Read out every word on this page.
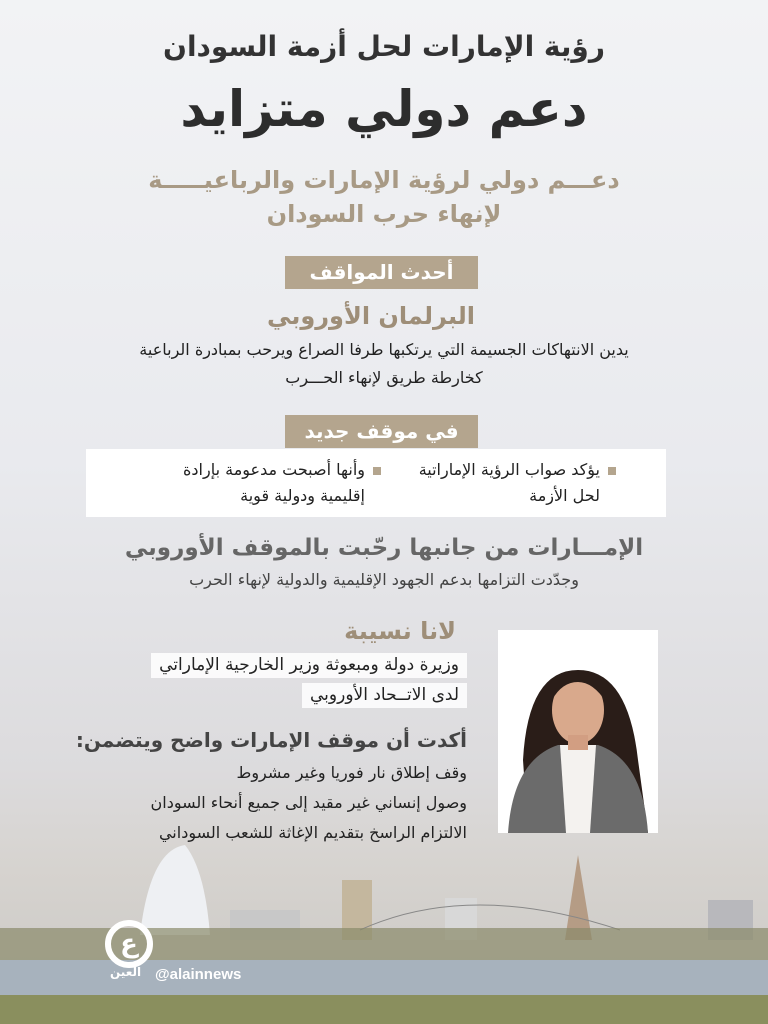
رؤية الإمارات لحل أزمة السودان
دعم دولي متزايد
دعـــم دولي لرؤية الإمارات والرباعيـــــة
لإنهاء حرب السودان
أحدث المواقف
البرلمان الأوروبي
يدين الانتهاكات الجسيمة التي يرتكبها طرفا الصراع ويرحب بمبادرة الرباعية
كخارطة طريق لإنهاء الحـــرب
في موقف جديد
يؤكد صواب الرؤية الإماراتية
لحل الأزمة
وأنها أصبحت مدعومة بإرادة
إقليمية ودولية قوية
الإمـــارات من جانبها رحّبت بالموقف الأوروبي
وجدّدت التزامها بدعم الجهود الإقليمية والدولية لإنهاء الحرب
لانا نسيبة
وزيرة دولة ومبعوثة وزير الخارجية الإماراتي
لدى الاتــحاد الأوروبي
أكدت أن موقف الإمارات واضح ويتضمن:
وقف إطلاق نار فوريا وغير مشروط
وصول إنساني غير مقيد إلى جميع أنحاء السودان
الالتزام الراسخ بتقديم الإغاثة للشعب السوداني
ع
العين @alainnews
